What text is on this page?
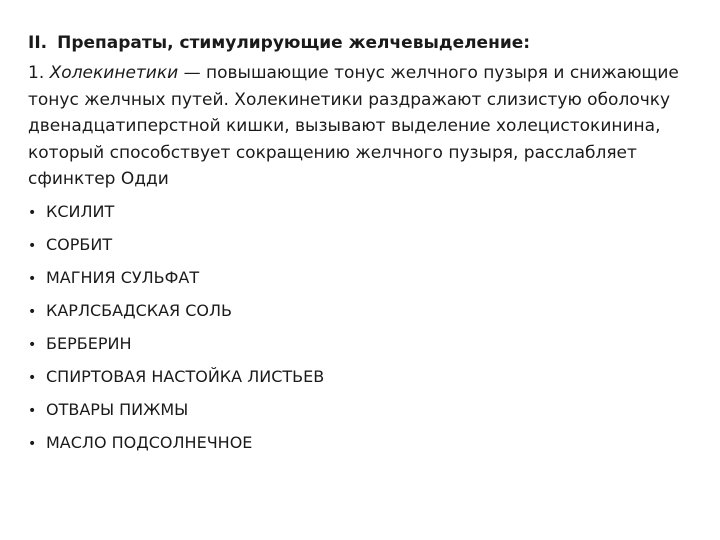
II. Препараты, стимулирующие желчевыделение:

1. Холекинетики — повышающие тонус желчного пузыря и снижающие тонус желчных путей. Холекинетики раздражают слизистую оболочку двенадцатиперстной кишки, вызывают выделение холецистокинина, который способствует сокращению желчного пузыря, расслабляет сфинктер Одди

• КСИЛИТ
• СОРБИТ
• МАГНИЯ СУЛЬФАТ
• КАРЛСБАДСКАЯ СОЛЬ
• БЕРБЕРИН
• СПИРТОВАЯ НАСТОЙКА ЛИСТЬЕВ
• ОТВАРЫ ПИЖМЫ
• МАСЛО ПОДСОЛНЕЧНОЕ
